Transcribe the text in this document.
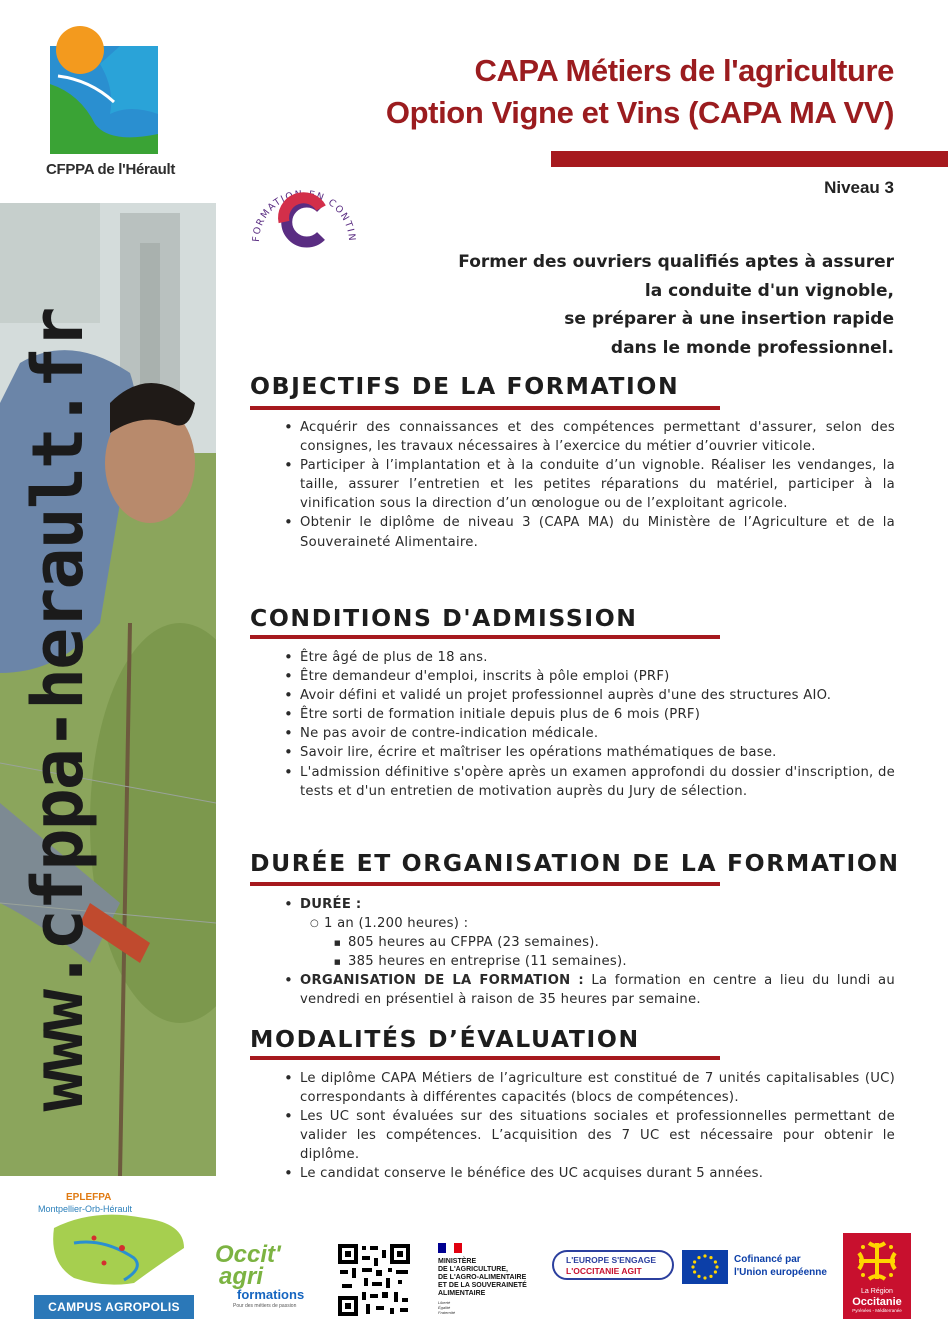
CFPPA de l'Hérault
www.cfppa-herault.fr
CAPA Métiers de l'agriculture
Option Vigne et Vins (CAPA MA VV)
Niveau 3
FORMATION EN CONTIN
Former des ouvriers qualifiés aptes à assurer
la conduite d'un vignoble,
se préparer à une insertion rapide
dans le monde professionnel.
OBJECTIFS DE LA FORMATION
• Acquérir des connaissances et des compétences permettant d'assurer, selon des consignes, les travaux nécessaires à l’exercice du métier d’ouvrier viticole.
• Participer à l’implantation et à la conduite d’un vignoble. Réaliser les vendanges, la taille, assurer l’entretien et les petites réparations du matériel, participer à la vinification sous la direction d’un œnologue ou de l’exploitant agricole.
• Obtenir le diplôme de niveau 3 (CAPA MA) du Ministère de l’Agriculture et de la Souveraineté Alimentaire.
CONDITIONS D'ADMISSION
• Être âgé de plus de 18 ans.
• Être demandeur d'emploi, inscrits à pôle emploi (PRF)
• Avoir défini et validé un projet professionnel auprès d'une des structures AIO.
• Être sorti de formation initiale depuis plus de 6 mois (PRF)
• Ne pas avoir de contre-indication médicale.
• Savoir lire, écrire et maîtriser les opérations mathématiques de base.
• L'admission définitive s'opère après un examen approfondi du dossier d'inscription, de tests et d'un entretien de motivation auprès du Jury de sélection.
DURÉE ET ORGANISATION DE LA FORMATION
• DURÉE :
○ 1 an (1.200 heures) :
■ 805 heures au CFPPA (23 semaines).
■ 385 heures en entreprise (11 semaines).
• ORGANISATION DE LA FORMATION : La formation en centre a lieu du lundi au vendredi en présentiel à raison de 35 heures par semaine.
MODALITÉS D’ÉVALUATION
• Le diplôme CAPA Métiers de l’agriculture est constitué de 7 unités capitalisables (UC) correspondants à différentes capacités (blocs de compétences).
• Les UC sont évaluées sur des situations sociales et professionnelles permettant de valider les compétences. L’acquisition des 7 UC est nécessaire pour obtenir le diplôme.
• Le candidat conserve le bénéfice des UC acquises durant 5 années.
EPLEFPA
Montpellier-Orb-Hérault
CAMPUS AGROPOLIS
Occit'
agri
formations
Pour des métiers de passion
MINISTÈRE
DE L'AGRICULTURE,
DE L'AGRO-ALIMENTAIRE
ET DE LA SOUVERAINETÉ
ALIMENTAIRE
Liberté
Égalité
Fraternité
L'EUROPE S'ENGAGE
L'OCCITANIE AGIT
Cofinancé par
l'Union européenne
La Région
Occitanie
Pyrénées - Méditerranée
